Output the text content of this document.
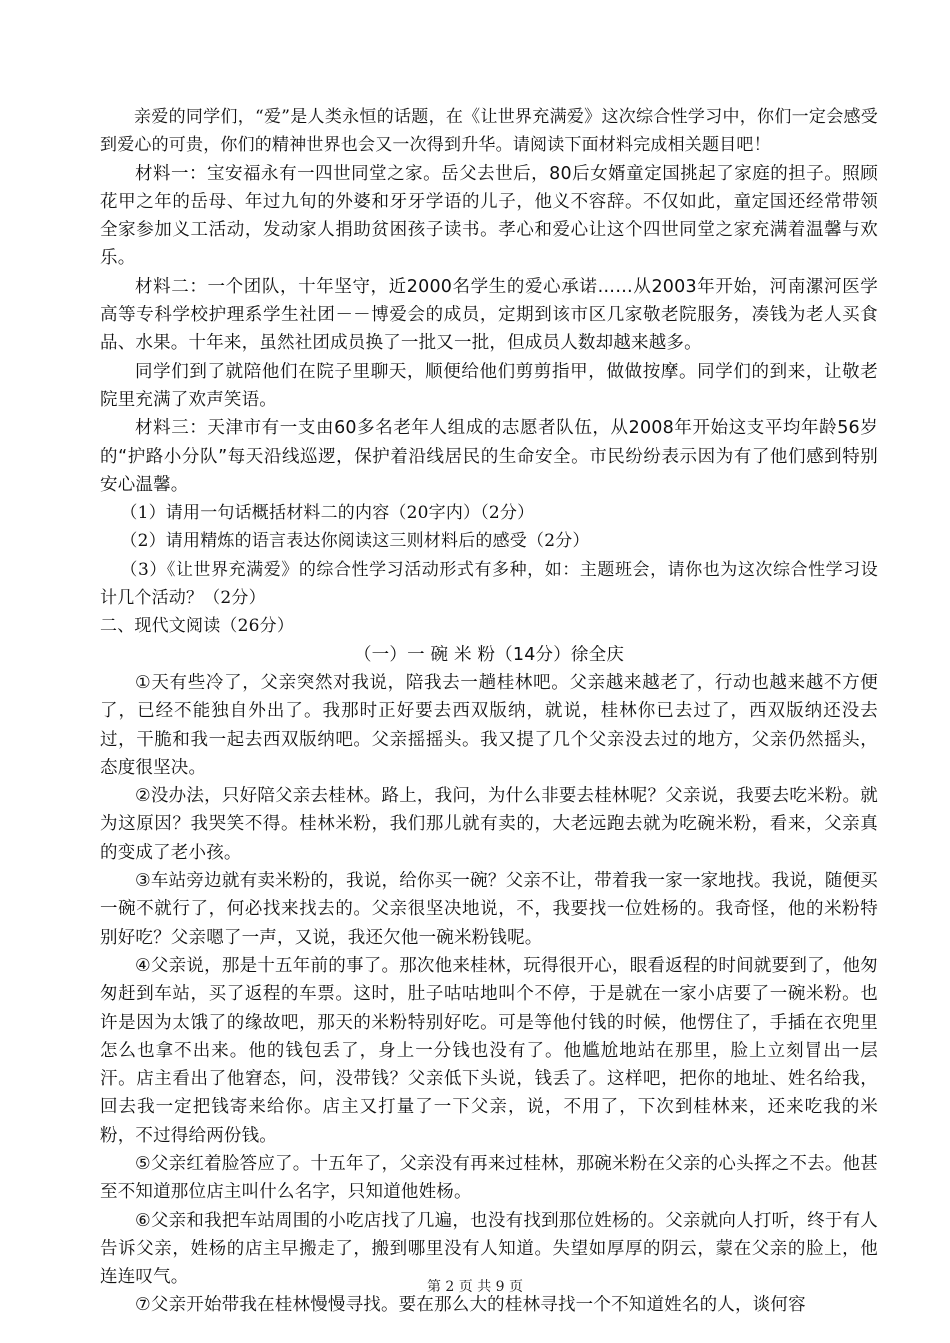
亲爱的同学们，“爱”是人类永恒的话题，在《让世界充满爱》这次综合性学习中，你们一定会感受到爱心的可贵，你们的精神世界也会又一次得到升华。请阅读下面材料完成相关题目吧！

材料一：宝安福永有一四世同堂之家。岳父去世后，80后女婿童定国挑起了家庭的担子。照顾花甲之年的岳母、年过九旬的外婆和牙牙学语的儿子，他义不容辞。不仅如此，童定国还经常带领全家参加义工活动，发动家人捐助贫困孩子读书。孝心和爱心让这个四世同堂之家充满着温馨与欢乐。

材料二：一个团队，十年坚守，近2000名学生的爱心承诺……从2003年开始，河南漯河医学高等专科学校护理系学生社团－－博爱会的成员，定期到该市区几家敬老院服务，凑钱为老人买食品、水果。十年来，虽然社团成员换了一批又一批，但成员人数却越来越多。

同学们到了就陪他们在院子里聊天，顺便给他们剪剪指甲，做做按摩。同学们的到来，让敬老院里充满了欢声笑语。

材料三：天津市有一支由60多名老年人组成的志愿者队伍，从2008年开始这支平均年龄56岁的“护路小分队”每天沿线巡逻，保护着沿线居民的生命安全。市民纷纷表示因为有了他们感到特别安心温馨。

（1）请用一句话概括材料二的内容（20字内）（2分）

（2）请用精炼的语言表达你阅读这三则材料后的感受（2分）

（3）《让世界充满爱》的综合性学习活动形式有多种，如：主题班会，请你也为这次综合性学习设计几个活动？（2分）

二、现代文阅读（26分）

（一）一 碗 米 粉（14分）徐全庆

①天有些冷了，父亲突然对我说，陪我去一趟桂林吧。父亲越来越老了，行动也越来越不方便了，已经不能独自外出了。我那时正好要去西双版纳，就说，桂林你已去过了，西双版纳还没去过，干脆和我一起去西双版纳吧。父亲摇摇头。我又提了几个父亲没去过的地方，父亲仍然摇头，态度很坚决。

②没办法，只好陪父亲去桂林。路上，我问，为什么非要去桂林呢？父亲说，我要去吃米粉。就为这原因？我哭笑不得。桂林米粉，我们那儿就有卖的，大老远跑去就为吃碗米粉，看来，父亲真的变成了老小孩。

③车站旁边就有卖米粉的，我说，给你买一碗？父亲不让，带着我一家一家地找。我说，随便买一碗不就行了，何必找来找去的。父亲很坚决地说，不，我要找一位姓杨的。我奇怪，他的米粉特别好吃？父亲嗯了一声，又说，我还欠他一碗米粉钱呢。

④父亲说，那是十五年前的事了。那次他来桂林，玩得很开心，眼看返程的时间就要到了，他匆匆赶到车站，买了返程的车票。这时，肚子咕咕地叫个不停，于是就在一家小店要了一碗米粉。也许是因为太饿了的缘故吧，那天的米粉特别好吃。可是等他付钱的时候，他愣住了，手插在衣兜里怎么也拿不出来。他的钱包丢了，身上一分钱也没有了。他尴尬地站在那里，脸上立刻冒出一层汗。店主看出了他窘态，问，没带钱？父亲低下头说，钱丢了。这样吧，把你的地址、姓名给我，回去我一定把钱寄来给你。店主又打量了一下父亲，说，不用了，下次到桂林来，还来吃我的米粉，不过得给两份钱。

⑤父亲红着脸答应了。十五年了，父亲没有再来过桂林，那碗米粉在父亲的心头挥之不去。他甚至不知道那位店主叫什么名字，只知道他姓杨。

⑥父亲和我把车站周围的小吃店找了几遍，也没有找到那位姓杨的。父亲就向人打听，终于有人告诉父亲，姓杨的店主早搬走了，搬到哪里没有人知道。失望如厚厚的阴云，蒙在父亲的脸上，他连连叹气。

⑦父亲开始带我在桂林慢慢寻找。要在那么大的桂林寻找一个不知道姓名的人，谈何容

第 2 页 共 9 页
